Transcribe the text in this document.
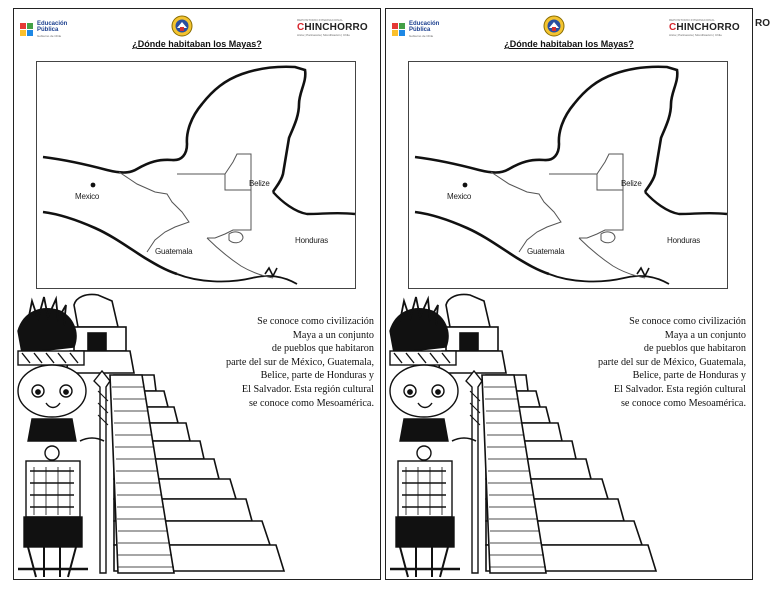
Educación
Pública
Gobierno de Chile
REPOSITORIO INTERNACIONAL
CHINCHORRO
Arica | Parinacota | Momificación | Chile
¿Dónde habitaban los Mayas?
Mexico
Belize
Guatemala
Honduras
Se conoce como civilización
Maya a un conjunto
de pueblos que habitaron
parte del sur de México, Guatemala,
Belice, parte de Honduras y
El Salvador. Esta región cultural
se conoce como Mesoamérica.
Educación
Pública
Gobierno de Chile
REPOSITORIO INTERNACIONAL
CHINCHORRO
Arica | Parinacota | Momificación | Chile
¿Dónde habitaban los Mayas?
Mexico
Belize
Guatemala
Honduras
Se conoce como civilización
Maya a un conjunto
de pueblos que habitaron
parte del sur de México, Guatemala,
Belice, parte de Honduras y
El Salvador. Esta región cultural
se conoce como Mesoamérica.
RO
